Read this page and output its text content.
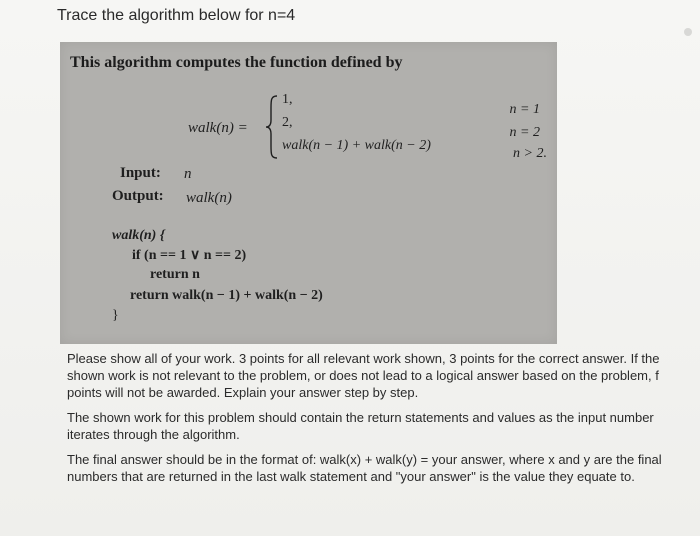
Trace the algorithm below for n=4
This algorithm computes the function defined by
walk(n) =
1,
2,
walk(n − 1) + walk(n − 2)
n = 1
n = 2
n > 2.
Input: n
Output: walk(n)
walk(n) {
if (n == 1 ∨ n == 2)
return n
return walk(n − 1) + walk(n − 2)
}

Please show all of your work. 3 points for all relevant work shown, 3 points for the correct answer. If the shown work is not relevant to the problem, or does not lead to a logical answer based on the problem, f points will not be awarded. Explain your answer step by step.

The shown work for this problem should contain the return statements and values as the input number iterates through the algorithm.

The final answer should be in the format of: walk(x) + walk(y) = your answer, where x and y are the final numbers that are returned in the last walk statement and "your answer" is the value they equate to.
